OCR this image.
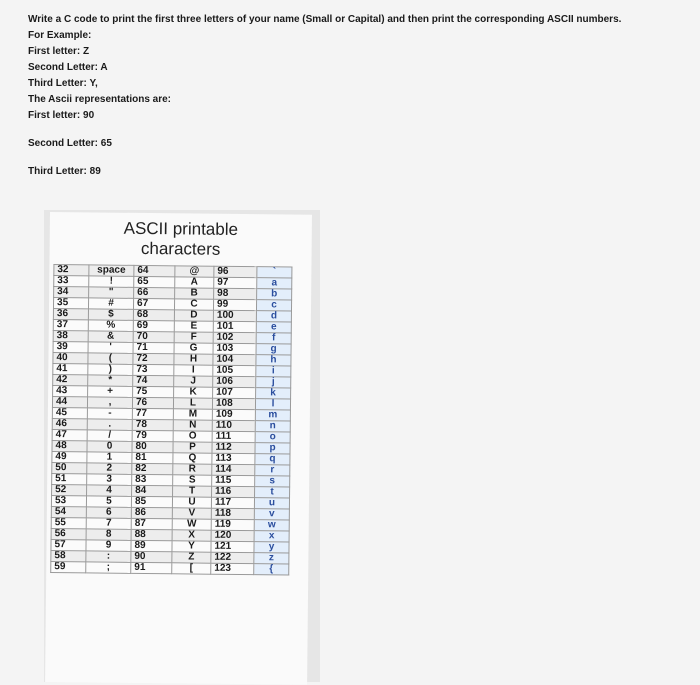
Write a C code to print the first three letters of your name (Small or Capital) and then print the corresponding ASCII numbers.
For Example:
First letter: Z
Second Letter: A
Third Letter: Y,
The Ascii representations are:
First letter: 90
Second Letter: 65
Third Letter: 89
ASCII printable
characters
32	space	64	@	96	`
33	!	65	A	97	a
34	"	66	B	98	b
35	#	67	C	99	c
36	$	68	D	100	d
37	%	69	E	101	e
38	&	70	F	102	f
39	'	71	G	103	g
40	(	72	H	104	h
41	)	73	I	105	i
42	*	74	J	106	j
43	+	75	K	107	k
44	,	76	L	108	l
45	-	77	M	109	m
46	.	78	N	110	n
47	/	79	O	111	o
48	0	80	P	112	p
49	1	81	Q	113	q
50	2	82	R	114	r
51	3	83	S	115	s
52	4	84	T	116	t
53	5	85	U	117	u
54	6	86	V	118	v
55	7	87	W	119	w
56	8	88	X	120	x
57	9	89	Y	121	y
58	:	90	Z	122	z
59	;	91	[	123	{
